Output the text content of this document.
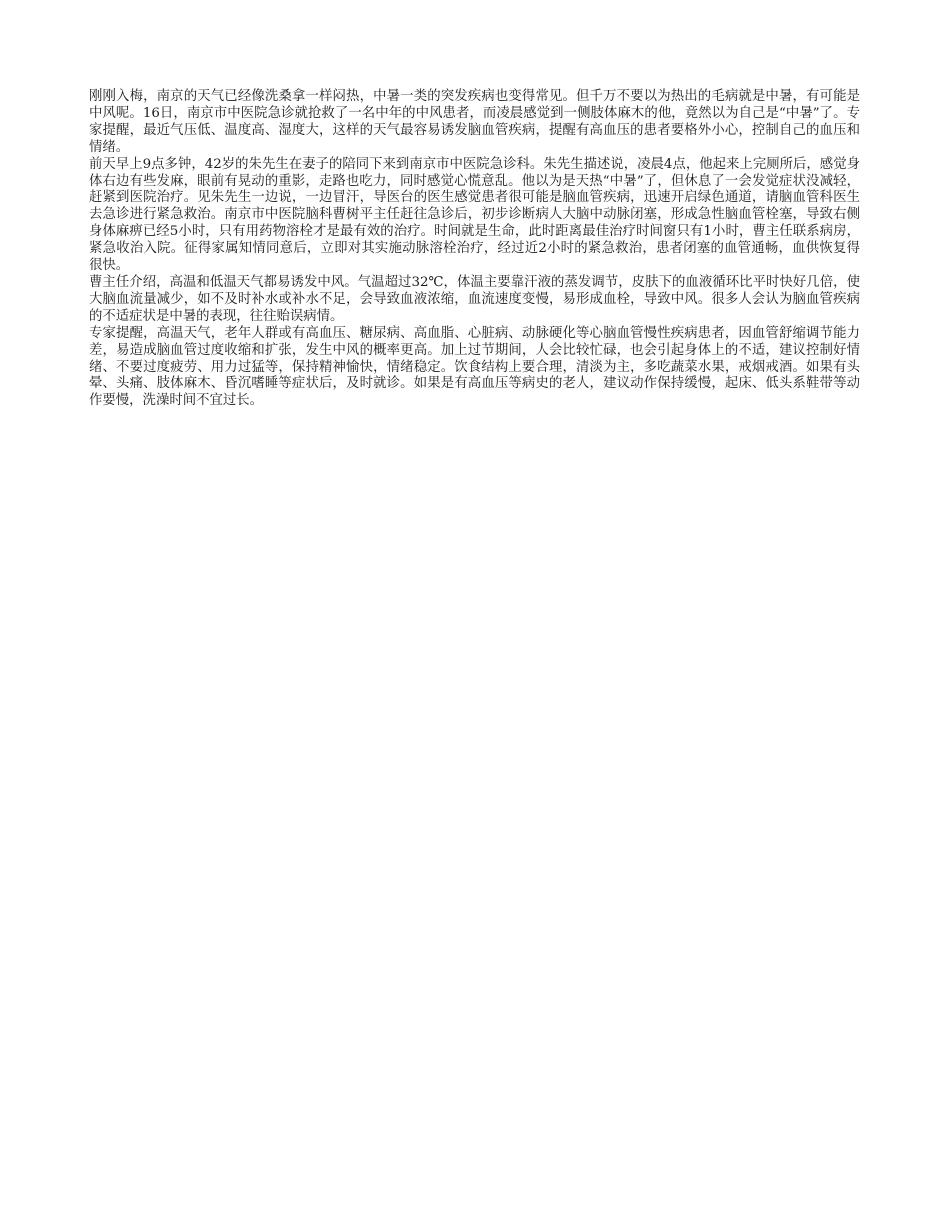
刚刚入梅，南京的天气已经像洗桑拿一样闷热，中暑一类的突发疾病也变得常见。但千万不要以为热出的毛病就是中暑，有可能是中风呢。16日，南京市中医院急诊就抢救了一名中年的中风患者，而凌晨感觉到一侧肢体麻木的他，竟然以为自己是“中暑”了。专家提醒，最近气压低、温度高、湿度大，这样的天气最容易诱发脑血管疾病，提醒有高血压的患者要格外小心，控制自己的血压和情绪。

前天早上9点多钟，42岁的朱先生在妻子的陪同下来到南京市中医院急诊科。朱先生描述说，凌晨4点，他起来上完厕所后，感觉身体右边有些发麻，眼前有晃动的重影，走路也吃力，同时感觉心慌意乱。他以为是天热“中暑”了，但休息了一会发觉症状没减轻，赶紧到医院治疗。见朱先生一边说，一边冒汗，导医台的医生感觉患者很可能是脑血管疾病，迅速开启绿色通道，请脑血管科医生去急诊进行紧急救治。南京市中医院脑科曹树平主任赶往急诊后，初步诊断病人大脑中动脉闭塞，形成急性脑血管栓塞，导致右侧身体麻痹已经5小时，只有用药物溶栓才是最有效的治疗。时间就是生命，此时距离最佳治疗时间窗只有1小时，曹主任联系病房，紧急收治入院。征得家属知情同意后，立即对其实施动脉溶栓治疗，经过近2小时的紧急救治，患者闭塞的血管通畅，血供恢复得很快。

曹主任介绍，高温和低温天气都易诱发中风。气温超过32℃，体温主要靠汗液的蒸发调节，皮肤下的血液循环比平时快好几倍，使大脑血流量减少，如不及时补水或补水不足，会导致血液浓缩，血流速度变慢，易形成血栓，导致中风。很多人会认为脑血管疾病的不适症状是中暑的表现，往往贻误病情。

专家提醒，高温天气，老年人群或有高血压、糖尿病、高血脂、心脏病、动脉硬化等心脑血管慢性疾病患者，因血管舒缩调节能力差，易造成脑血管过度收缩和扩张，发生中风的概率更高。加上过节期间，人会比较忙碌，也会引起身体上的不适，建议控制好情绪、不要过度疲劳、用力过猛等，保持精神愉快，情绪稳定。饮食结构上要合理，清淡为主，多吃蔬菜水果，戒烟戒酒。如果有头晕、头痛、肢体麻木、昏沉嗜睡等症状后，及时就诊。如果是有高血压等病史的老人，建议动作保持缓慢，起床、低头系鞋带等动作要慢，洗澡时间不宜过长。
